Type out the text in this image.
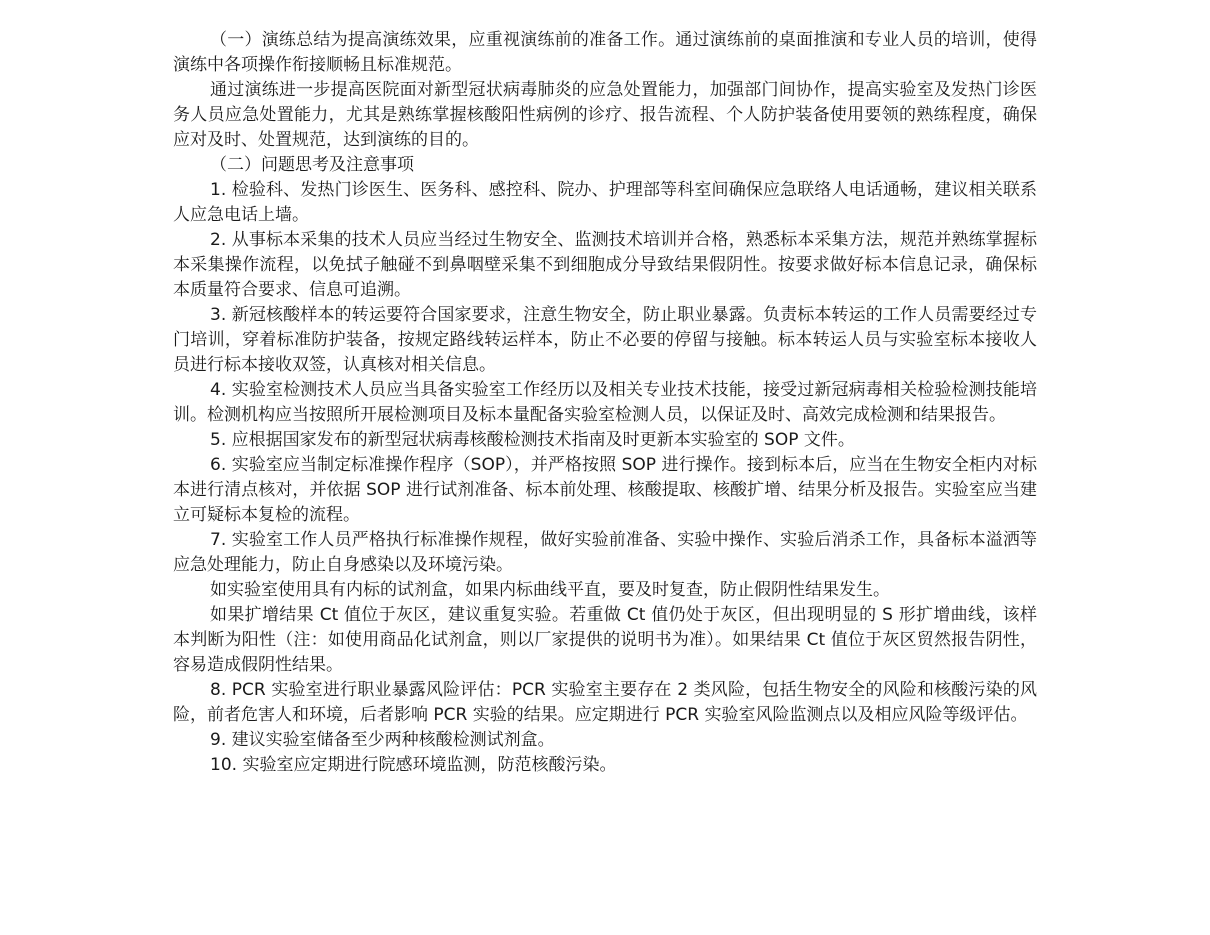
（一）演练总结为提高演练效果，应重视演练前的准备工作。通过演练前的桌面推演和专业人员的培训，使得演练中各项操作衔接顺畅且标准规范。

通过演练进一步提高医院面对新型冠状病毒肺炎的应急处置能力，加强部门间协作，提高实验室及发热门诊医务人员应急处置能力，尤其是熟练掌握核酸阳性病例的诊疗、报告流程、个人防护装备使用要领的熟练程度，确保应对及时、处置规范，达到演练的目的。

（二）问题思考及注意事项

1. 检验科、发热门诊医生、医务科、感控科、院办、护理部等科室间确保应急联络人电话通畅，建议相关联系人应急电话上墙。

2. 从事标本采集的技术人员应当经过生物安全、监测技术培训并合格，熟悉标本采集方法，规范并熟练掌握标本采集操作流程，以免拭子触碰不到鼻咽壁采集不到细胞成分导致结果假阴性。按要求做好标本信息记录，确保标本质量符合要求、信息可追溯。

3. 新冠核酸样本的转运要符合国家要求，注意生物安全，防止职业暴露。负责标本转运的工作人员需要经过专门培训，穿着标准防护装备，按规定路线转运样本，防止不必要的停留与接触。标本转运人员与实验室标本接收人员进行标本接收双签，认真核对相关信息。

4. 实验室检测技术人员应当具备实验室工作经历以及相关专业技术技能，接受过新冠病毒相关检验检测技能培训。检测机构应当按照所开展检测项目及标本量配备实验室检测人员，以保证及时、高效完成检测和结果报告。

5. 应根据国家发布的新型冠状病毒核酸检测技术指南及时更新本实验室的 SOP 文件。

6. 实验室应当制定标准操作程序（SOP），并严格按照 SOP 进行操作。接到标本后，应当在生物安全柜内对标本进行清点核对，并依据 SOP 进行试剂准备、标本前处理、核酸提取、核酸扩增、结果分析及报告。实验室应当建立可疑标本复检的流程。

7. 实验室工作人员严格执行标准操作规程，做好实验前准备、实验中操作、实验后消杀工作，具备标本溢洒等应急处理能力，防止自身感染以及环境污染。

如实验室使用具有内标的试剂盒，如果内标曲线平直，要及时复查，防止假阴性结果发生。

如果扩增结果 Ct 值位于灰区，建议重复实验。若重做 Ct 值仍处于灰区，但出现明显的 S 形扩增曲线，该样本判断为阳性（注：如使用商品化试剂盒，则以厂家提供的说明书为准）。如果结果 Ct 值位于灰区贸然报告阴性，容易造成假阴性结果。

8. PCR 实验室进行职业暴露风险评估：PCR 实验室主要存在 2 类风险，包括生物安全的风险和核酸污染的风险，前者危害人和环境，后者影响 PCR 实验的结果。应定期进行 PCR 实验室风险监测点以及相应风险等级评估。

9. 建议实验室储备至少两种核酸检测试剂盒。

10. 实验室应定期进行院感环境监测，防范核酸污染。
